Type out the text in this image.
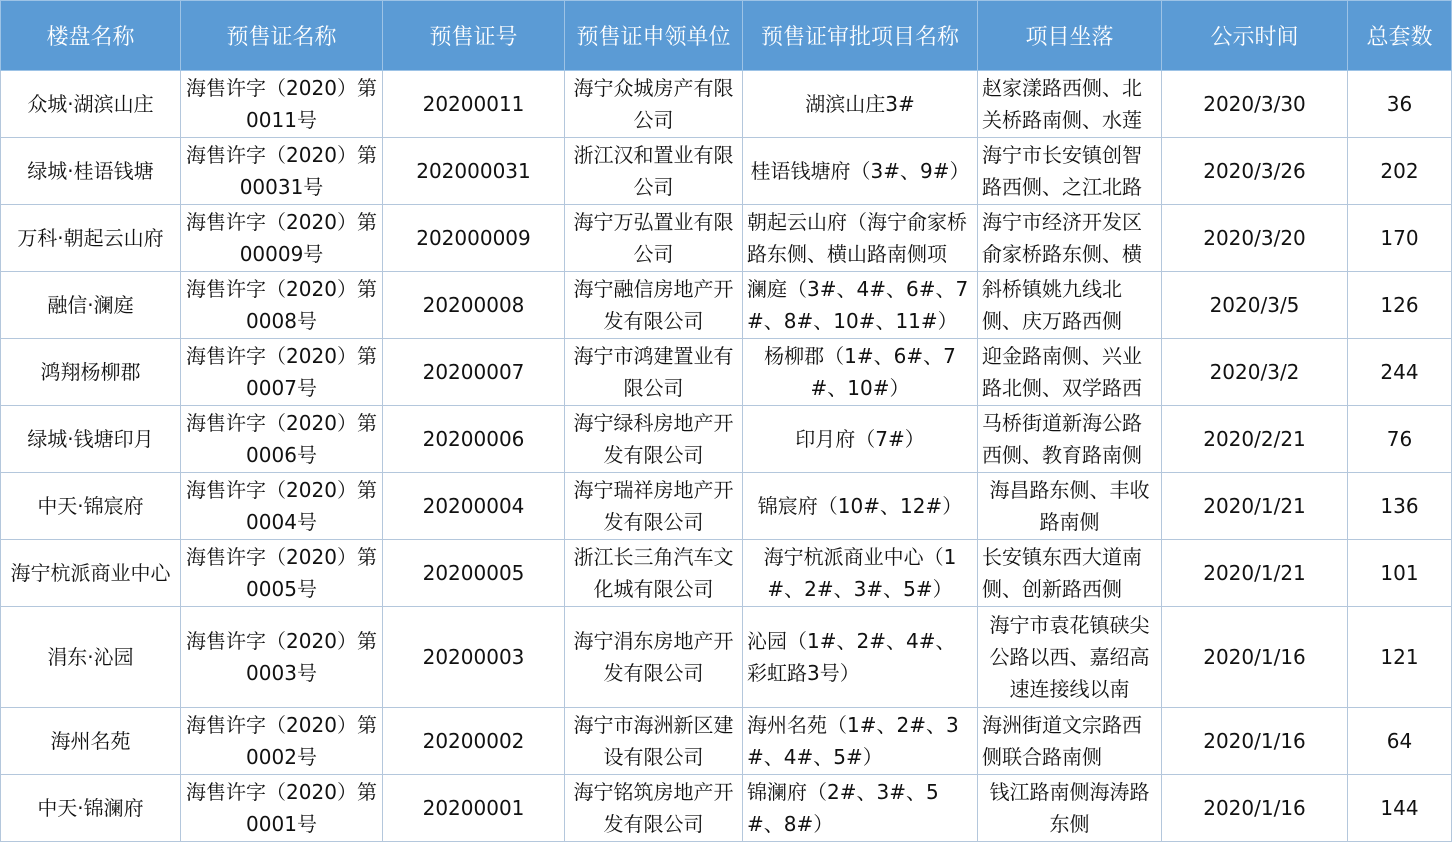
楼盘名称	预售证名称	预售证号	预售证申领单位	预售证审批项目名称	项目坐落	公示时间	总套数
众城·湖滨山庄	海售许字（2020）第0011号	20200011	海宁众城房产有限公司	湖滨山庄3#	赵家漾路西侧、北关桥路南侧、水莲	2020/3/30	36
绿城·桂语钱塘	海售许字（2020）第00031号	202000031	浙江汉和置业有限公司	桂语钱塘府（3#、9#）	海宁市长安镇创智路西侧、之江北路	2020/3/26	202
万科·朝起云山府	海售许字（2020）第00009号	202000009	海宁万弘置业有限公司	朝起云山府（海宁俞家桥路东侧、横山路南侧项	海宁市经济开发区俞家桥路东侧、横	2020/3/20	170
融信·澜庭	海售许字（2020）第0008号	20200008	海宁融信房地产开发有限公司	澜庭（3#、4#、6#、7#、8#、10#、11#）	斜桥镇姚九线北侧、庆万路西侧	2020/3/5	126
鸿翔杨柳郡	海售许字（2020）第0007号	20200007	海宁市鸿建置业有限公司	杨柳郡（1#、6#、7#、10#）	迎金路南侧、兴业路北侧、双学路西	2020/3/2	244
绿城·钱塘印月	海售许字（2020）第0006号	20200006	海宁绿科房地产开发有限公司	印月府（7#）	马桥街道新海公路西侧、教育路南侧	2020/2/21	76
中天·锦宸府	海售许字（2020）第0004号	20200004	海宁瑞祥房地产开发有限公司	锦宸府（10#、12#）	海昌路东侧、丰收路南侧	2020/1/21	136
海宁杭派商业中心	海售许字（2020）第0005号	20200005	浙江长三角汽车文化城有限公司	海宁杭派商业中心（1#、2#、3#、5#）	长安镇东西大道南侧、创新路西侧	2020/1/21	101
涓东·沁园	海售许字（2020）第0003号	20200003	海宁涓东房地产开发有限公司	沁园（1#、2#、4#、彩虹路3号）	海宁市袁花镇硖尖公路以西、嘉绍高速连接线以南	2020/1/16	121
海州名苑	海售许字（2020）第0002号	20200002	海宁市海洲新区建设有限公司	海州名苑（1#、2#、3#、4#、5#）	海洲街道文宗路西侧联合路南侧	2020/1/16	64
中天·锦澜府	海售许字（2020）第0001号	20200001	海宁铭筑房地产开发有限公司	锦澜府（2#、3#、5#、8#）	钱江路南侧海涛路东侧	2020/1/16	144
